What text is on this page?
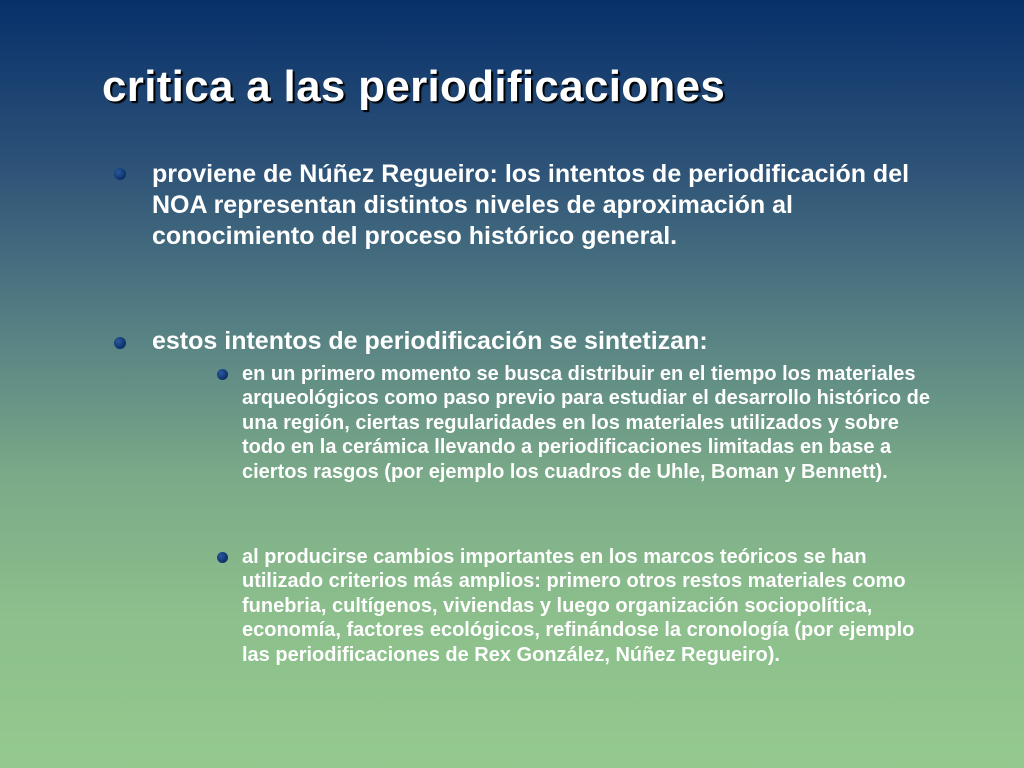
critica a las periodificaciones
proviene de Núñez Regueiro: los intentos de periodificación del NOA representan distintos niveles de aproximación al conocimiento del proceso histórico general.
estos intentos de periodificación se sintetizan:
en un primero momento se busca distribuir en el tiempo los materiales arqueológicos como paso previo para estudiar el desarrollo histórico de una región, ciertas regularidades en los materiales utilizados y sobre todo en la cerámica llevando a periodificaciones limitadas en base a ciertos rasgos (por ejemplo los cuadros de Uhle, Boman y Bennett).
al producirse cambios importantes en los marcos teóricos se han utilizado criterios más amplios: primero otros restos materiales como funebria, cultígenos, viviendas y luego organización sociopolítica, economía, factores ecológicos, refinándose la cronología (por ejemplo las periodificaciones de Rex González, Núñez Regueiro).
